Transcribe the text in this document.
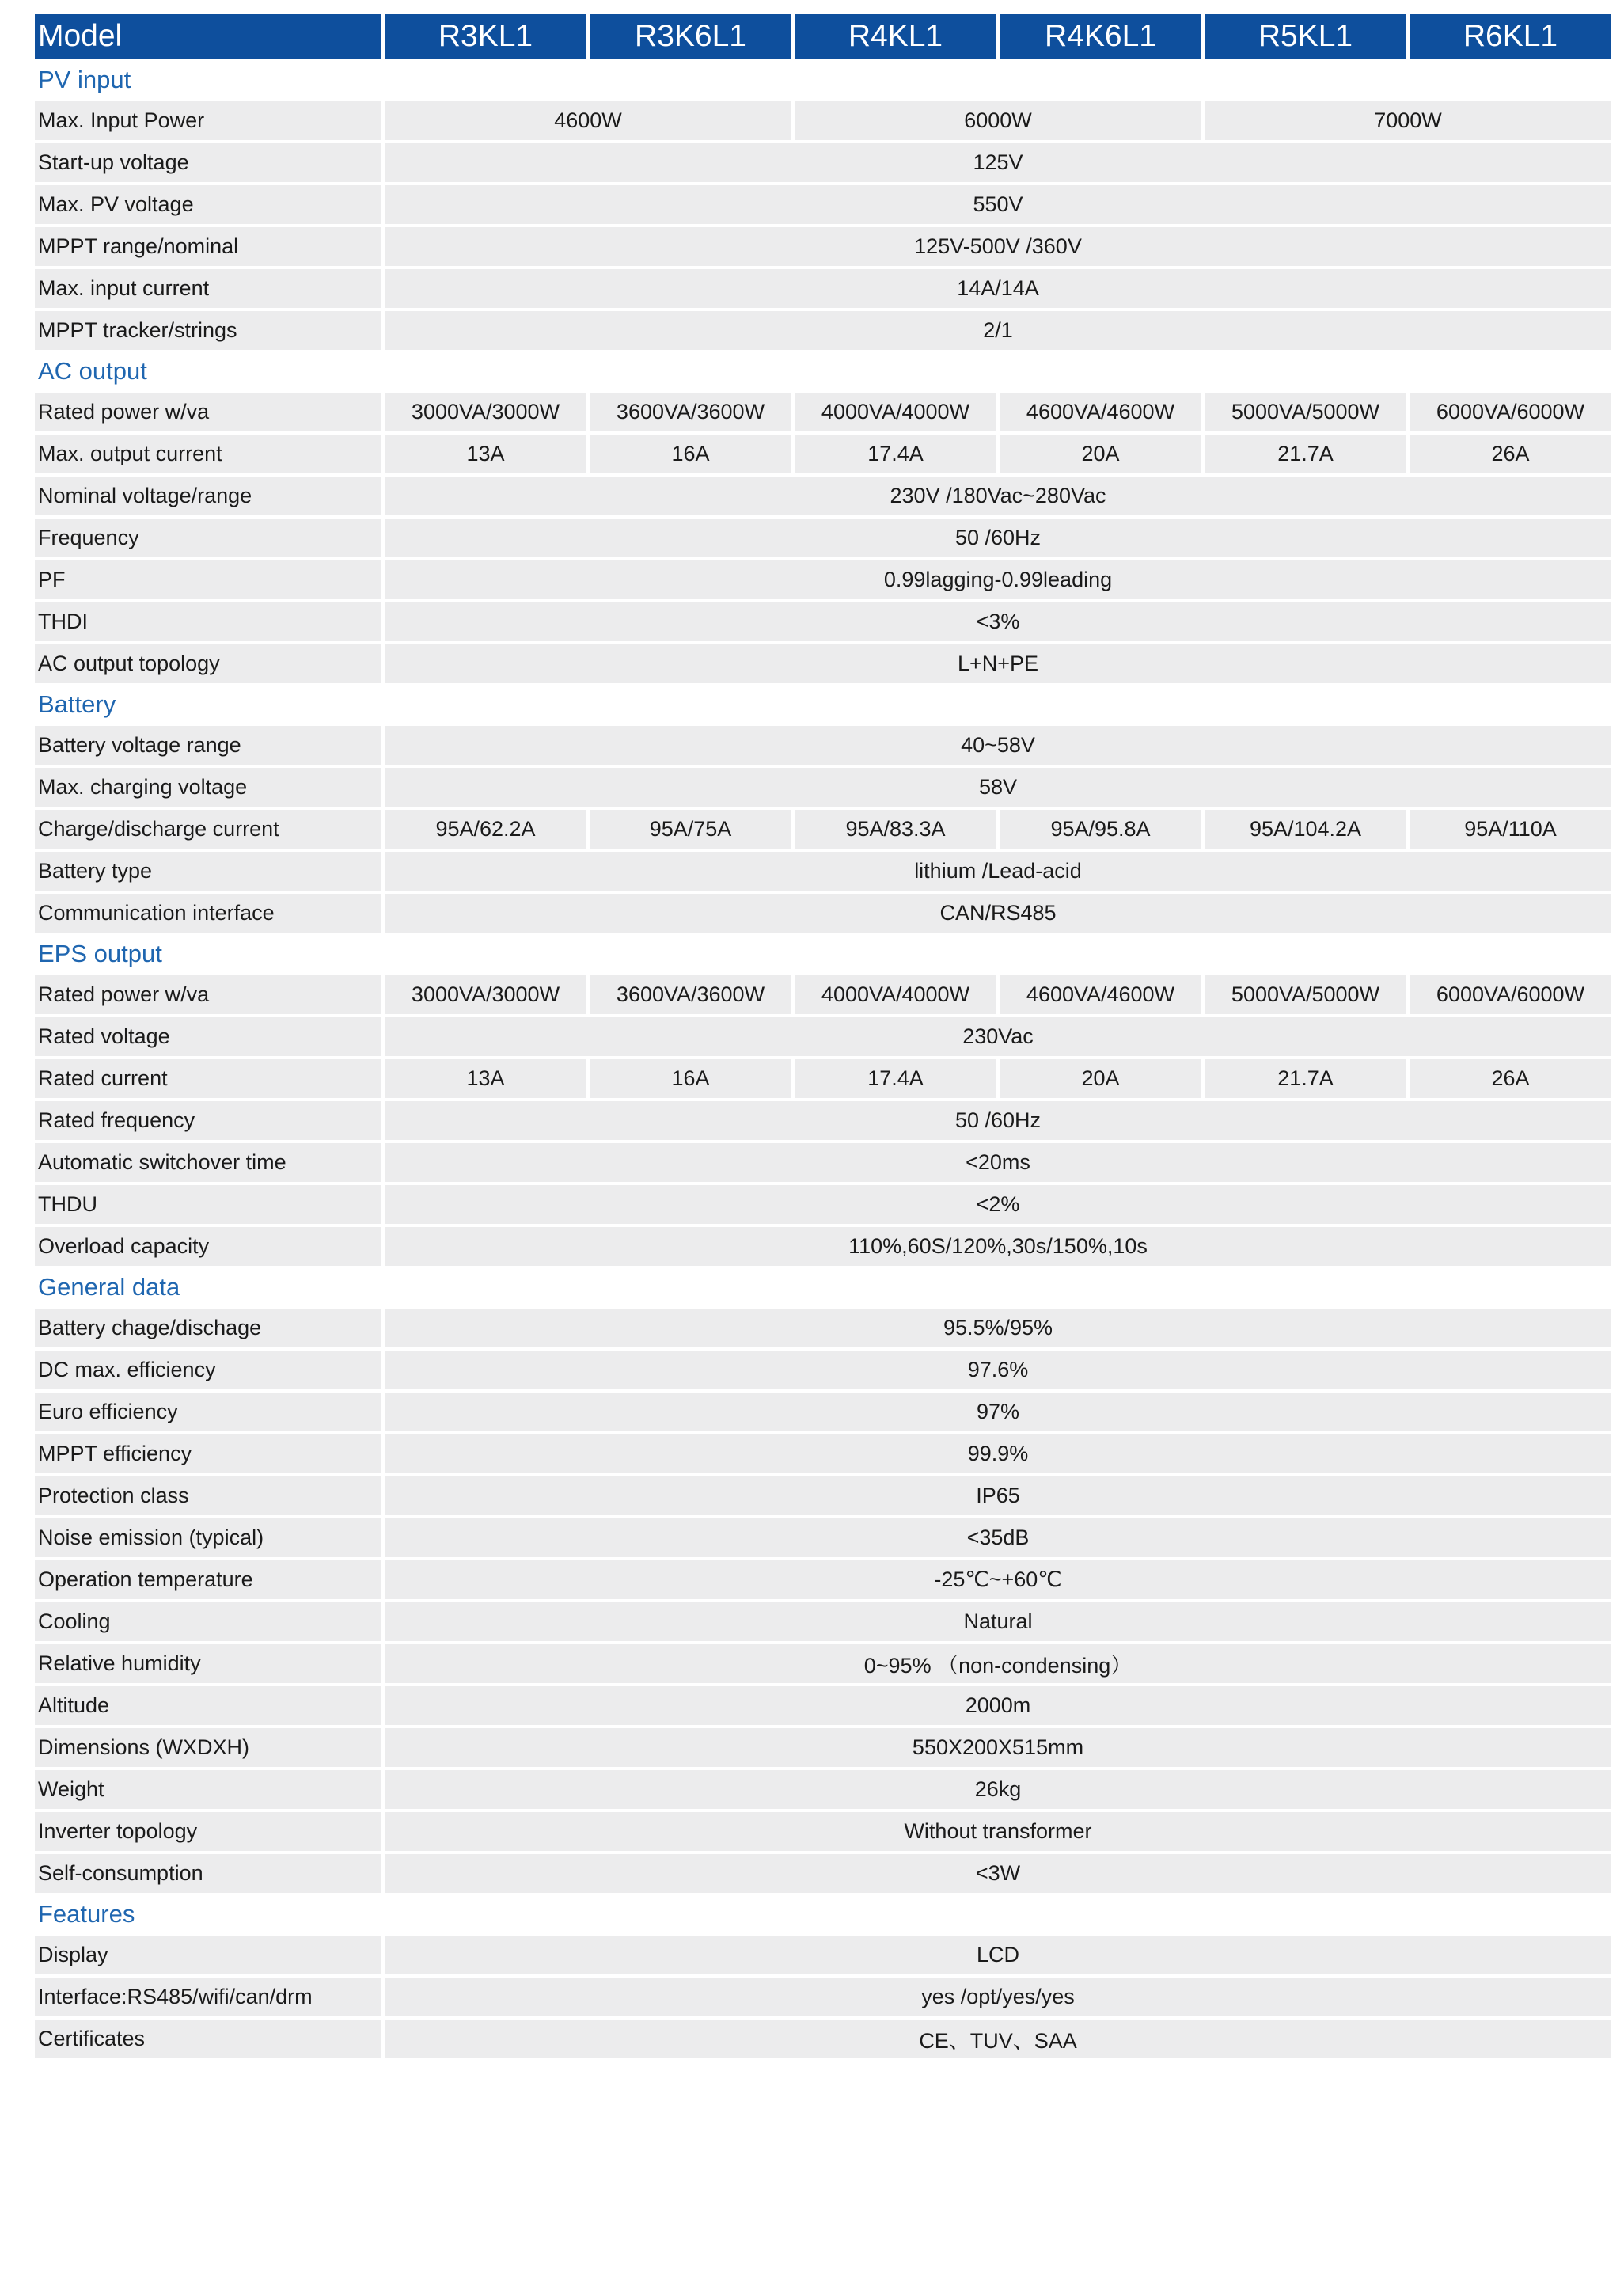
Model	R3KL1	R3K6L1	R4KL1	R4K6L1	R5KL1	R6KL1
PV input						
Max. Input Power	4600W		6000W		7000W	
Start-up voltage	125V					
Max. PV voltage	550V					
MPPT range/nominal	125V-500V /360V					
Max. input current	14A/14A					
MPPT tracker/strings	2/1					
AC output						
Rated power w/va	3000VA/3000W	3600VA/3600W	4000VA/4000W	4600VA/4600W	5000VA/5000W	6000VA/6000W
Max. output current	13A	16A	17.4A	20A	21.7A	26A
Nominal voltage/range	230V /180Vac~280Vac					
Frequency	50 /60Hz					
PF	0.99lagging-0.99leading					
THDI	<3%					
AC output topology	L+N+PE					
Battery						
Battery voltage range	40~58V					
Max. charging voltage	58V					
Charge/discharge current	95A/62.2A	95A/75A	95A/83.3A	95A/95.8A	95A/104.2A	95A/110A
Battery type	lithium /Lead-acid					
Communication interface	CAN/RS485					
EPS output						
Rated power w/va	3000VA/3000W	3600VA/3600W	4000VA/4000W	4600VA/4600W	5000VA/5000W	6000VA/6000W
Rated voltage	230Vac					
Rated current	13A	16A	17.4A	20A	21.7A	26A
Rated frequency	50 /60Hz					
Automatic switchover time	<20ms					
THDU	<2%					
Overload capacity	110%,60S/120%,30s/150%,10s					
General data						
Battery chage/dischage	95.5%/95%					
DC max. efficiency	97.6%					
Euro efficiency	97%					
MPPT efficiency	99.9%					
Protection class	IP65					
Noise emission (typical)	<35dB					
Operation temperature	-25℃~+60℃					
Cooling	Natural					
Relative humidity	0~95% （non-condensing）					
Altitude	2000m					
Dimensions (WXDXH)	550X200X515mm					
Weight	26kg					
Inverter topology	Without transformer					
Self-consumption	<3W					
Features						
Display	LCD					
Interface:RS485/wifi/can/drm	yes /opt/yes/yes					
Certificates	CE、TUV、SAA					
